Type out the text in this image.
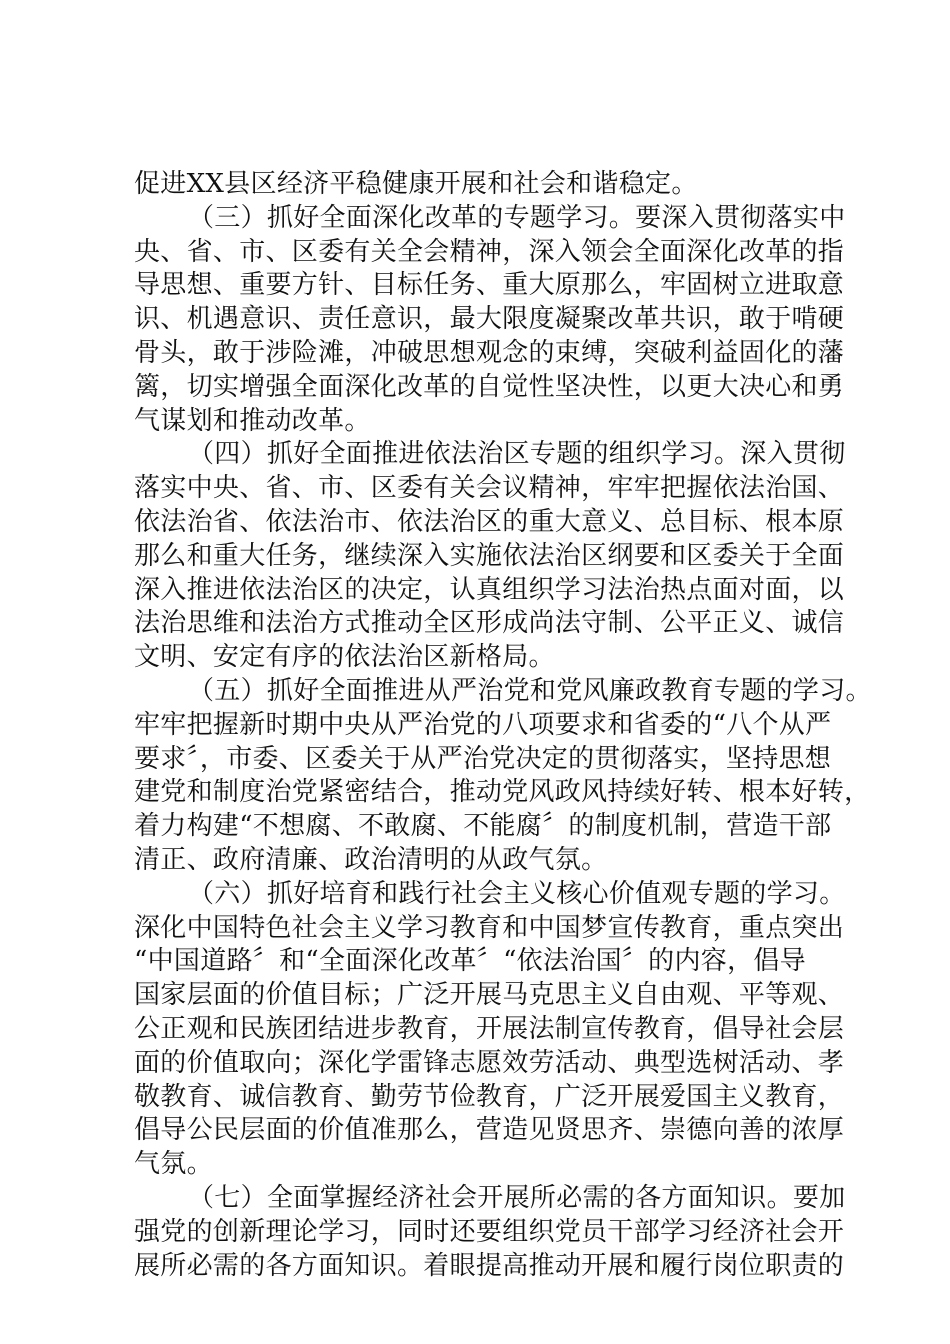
促进XX县区经济平稳健康开展和社会和谐稳定。
（三）抓好全面深化改革的专题学习。要深入贯彻落实中
央、省、市、区委有关全会精神，深入领会全面深化改革的指
导思想、重要方针、目标任务、重大原那么，牢固树立进取意
识、机遇意识、责任意识，最大限度凝聚改革共识，敢于啃硬
骨头，敢于涉险滩，冲破思想观念的束缚，突破利益固化的藩
篱，切实增强全面深化改革的自觉性坚决性，以更大决心和勇
气谋划和推动改革。
（四）抓好全面推进依法治区专题的组织学习。深入贯彻
落实中央、省、市、区委有关会议精神，牢牢把握依法治国、
依法治省、依法治市、依法治区的重大意义、总目标、根本原
那么和重大任务，继续深入实施依法治区纲要和区委关于全面
深入推进依法治区的决定，认真组织学习法治热点面对面，以
法治思维和法治方式推动全区形成尚法守制、公平正义、诚信
文明、安定有序的依法治区新格局。
（五）抓好全面推进从严治党和党风廉政教育专题的学习。
牢牢把握新时期中央从严治党的八项要求和省委的“八个从严
要求〞，市委、区委关于从严治党决定的贯彻落实，坚持思想
建党和制度治党紧密结合，推动党风政风持续好转、根本好转，
着力构建“不想腐、不敢腐、不能腐〞的制度机制，营造干部
清正、政府清廉、政治清明的从政气氛。
（六）抓好培育和践行社会主义核心价值观专题的学习。
深化中国特色社会主义学习教育和中国梦宣传教育，重点突出
“中国道路〞和“全面深化改革〞“依法治国〞的内容，倡导
国家层面的价值目标；广泛开展马克思主义自由观、平等观、
公正观和民族团结进步教育，开展法制宣传教育，倡导社会层
面的价值取向；深化学雷锋志愿效劳活动、典型选树活动、孝
敬教育、诚信教育、勤劳节俭教育，广泛开展爱国主义教育，
倡导公民层面的价值准那么，营造见贤思齐、崇德向善的浓厚
气氛。
（七）全面掌握经济社会开展所必需的各方面知识。要加
强党的创新理论学习，同时还要组织党员干部学习经济社会开
展所必需的各方面知识。着眼提高推动开展和履行岗位职责的
